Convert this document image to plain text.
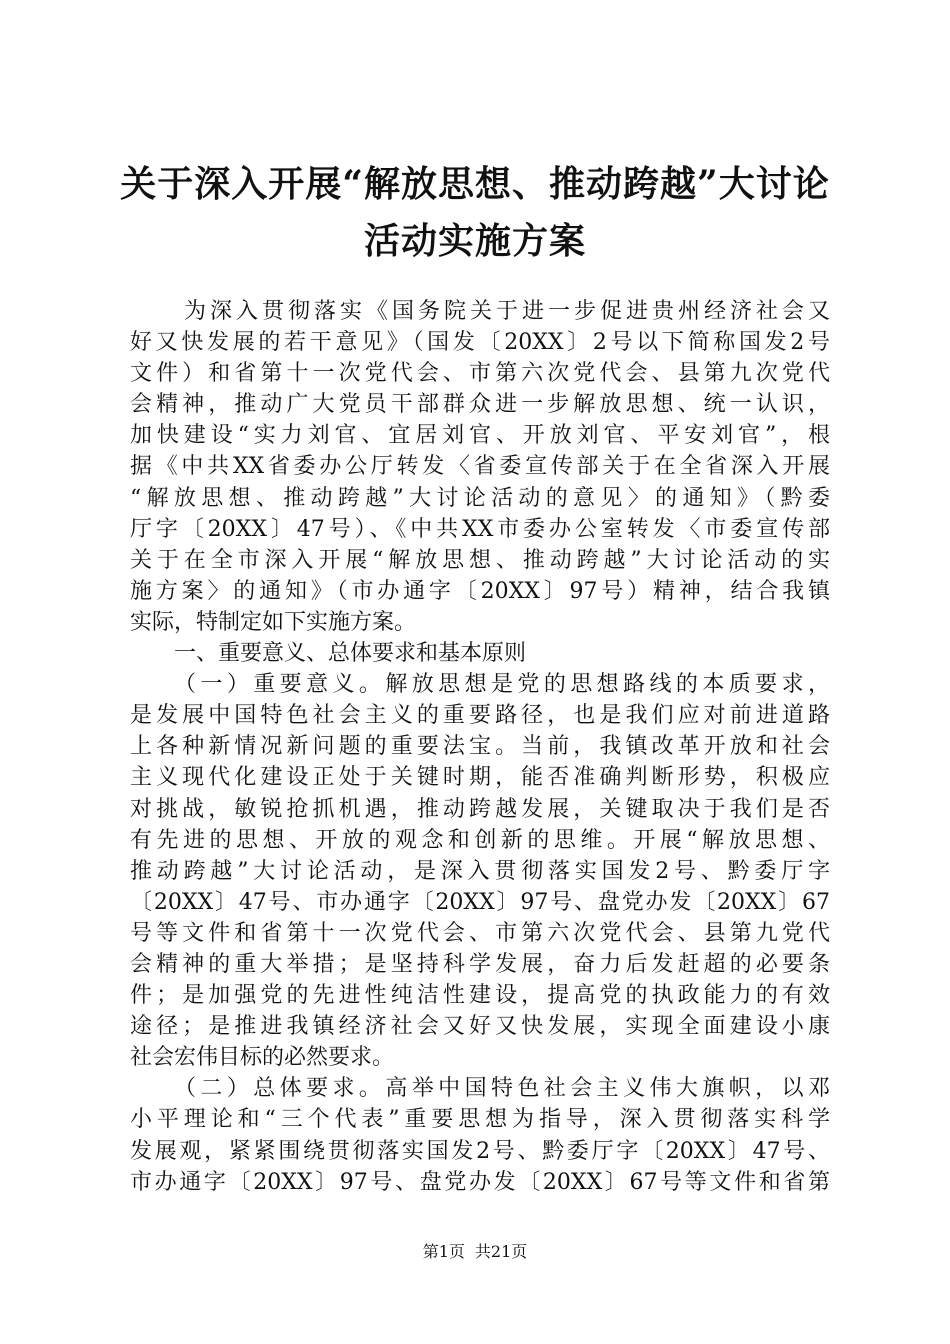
关于深入开展“解放思想、推动跨越”大讨论
活动实施方案
为深入贯彻落实《国务院关于进一步促进贵州经济社会又
好又快发展的若干意见》（国发〔20XX〕2号以下简称国发2号
文件）和省第十一次党代会、市第六次党代会、县第九次党代
会精神，推动广大党员干部群众进一步解放思想、统一认识，
加快建设“实力刘官、宜居刘官、开放刘官、平安刘官”，根
据《中共XX省委办公厅转发〈省委宣传部关于在全省深入开展
“解放思想、推动跨越”大讨论活动的意见〉的通知》（黔委
厅字〔20XX〕47号）、《中共XX市委办公室转发〈市委宣传部
关于在全市深入开展“解放思想、推动跨越”大讨论活动的实
施方案〉的通知》（市办通字〔20XX〕97号）精神，结合我镇
实际，特制定如下实施方案。
一、重要意义、总体要求和基本原则
（一）重要意义。解放思想是党的思想路线的本质要求，
是发展中国特色社会主义的重要路径，也是我们应对前进道路
上各种新情况新问题的重要法宝。当前，我镇改革开放和社会
主义现代化建设正处于关键时期，能否准确判断形势，积极应
对挑战，敏锐抢抓机遇，推动跨越发展，关键取决于我们是否
有先进的思想、开放的观念和创新的思维。开展“解放思想、
推动跨越”大讨论活动，是深入贯彻落实国发2号、黔委厅字
〔20XX〕47号、市办通字〔20XX〕97号、盘党办发〔20XX〕67
号等文件和省第十一次党代会、市第六次党代会、县第九党代
会精神的重大举措；是坚持科学发展，奋力后发赶超的必要条
件；是加强党的先进性纯洁性建设，提高党的执政能力的有效
途径；是推进我镇经济社会又好又快发展，实现全面建设小康
社会宏伟目标的必然要求。
（二）总体要求。高举中国特色社会主义伟大旗帜，以邓
小平理论和“三个代表”重要思想为指导，深入贯彻落实科学
发展观，紧紧围绕贯彻落实国发2号、黔委厅字〔20XX〕47号、
市办通字〔20XX〕97号、盘党办发〔20XX〕67号等文件和省第
第1页 共21页
